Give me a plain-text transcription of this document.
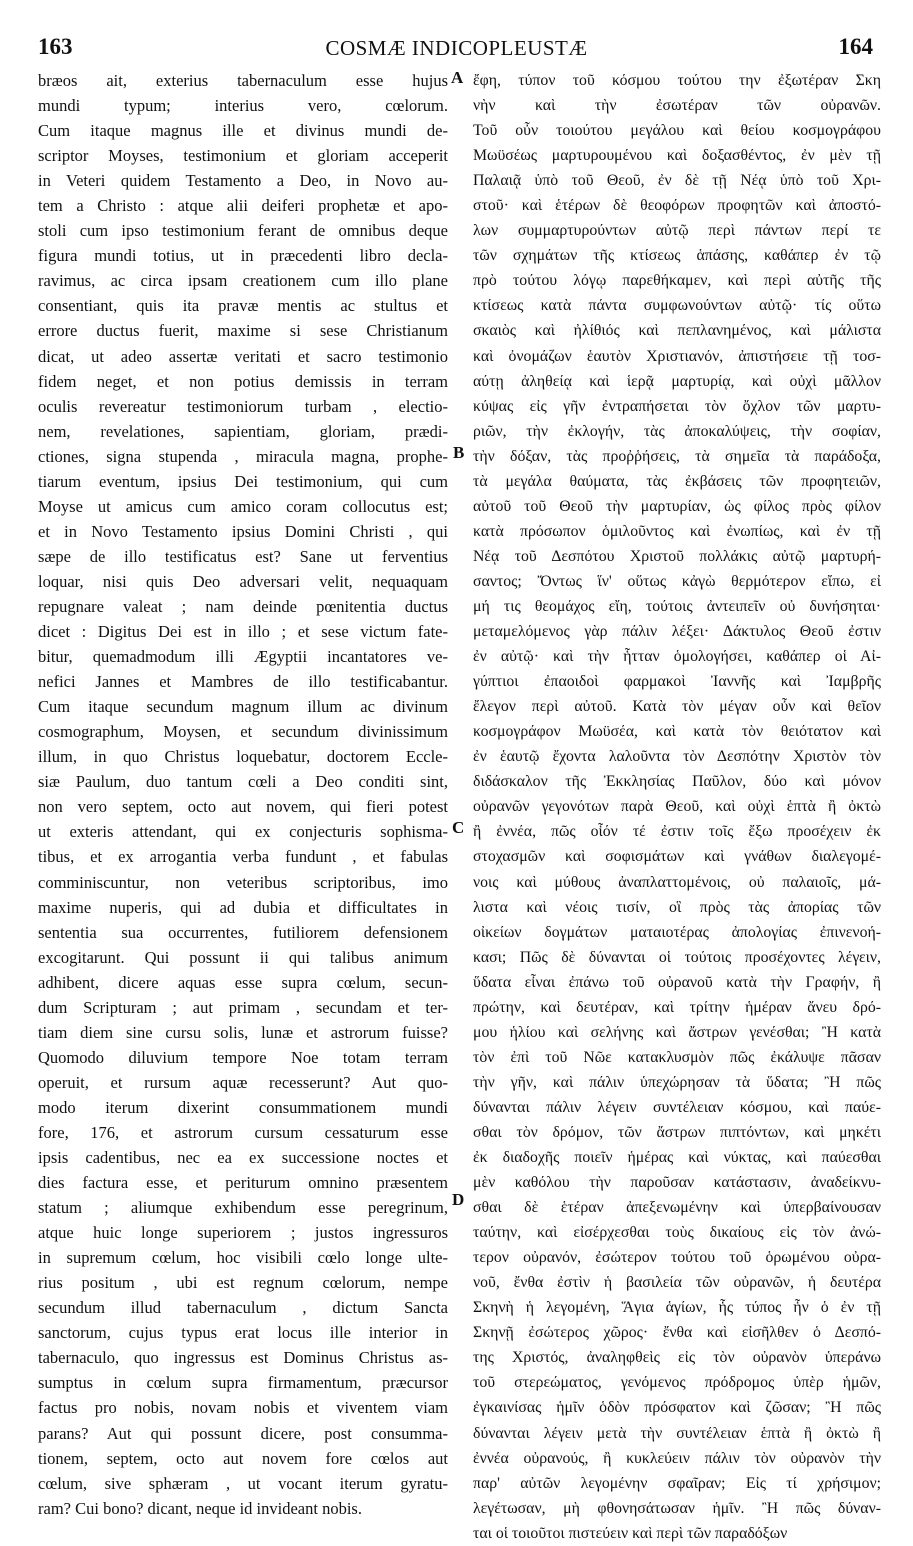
163	COSMÆ INDICOPLEUSTÆ	164
bræos ait, exterius tabernaculum esse hujus
mundi typum; interius vero, cœlorum.
Cum itaque magnus ille et divinus mundi de-
scriptor Moyses, testimonium et gloriam acceperit
in Veteri quidem Testamento a Deo, in Novo au-
tem a Christo : atque alii deiferi prophetæ et apo-
stoli cum ipso testimonium ferant de omnibus deque
figura mundi totius, ut in præcedenti libro decla-
ravimus, ac circa ipsam creationem cum illo plane
consentiant, quis ita pravæ mentis ac stultus et
errore ductus fuerit, maxime si sese Christianum
dicat, ut adeo assertæ veritati et sacro testimonio
fidem neget, et non potius demissis in terram
oculis revereatur testimoniorum turbam , electio-
nem, revelationes, sapientiam, gloriam, prædi-
ctiones, signa stupenda , miracula magna, prophe-
tiarum eventum, ipsius Dei testimonium, qui cum
Moyse ut amicus cum amico coram collocutus est;
et in Novo Testamento ipsius Domini Christi , qui
sæpe de illo testificatus est? Sane ut ferventius
loquar, nisi quis Deo adversari velit, nequaquam
repugnare valeat ; nam deinde pœnitentia ductus
dicet : Digitus Dei est in illo ; et sese victum fate-
bitur, quemadmodum illi Ægyptii incantatores ve-
nefici Jannes et Mambres de illo testificabantur.
Cum itaque secundum magnum illum ac divinum
cosmographum, Moysen, et secundum divinissimum
illum, in quo Christus loquebatur, doctorem Eccle-
siæ Paulum, duo tantum cœli a Deo conditi sint,
non vero septem, octo aut novem, qui fieri potest
ut exteris attendant, qui ex conjecturis sophisma-
tibus, et ex arrogantia verba fundunt , et fabulas
comminiscuntur, non veteribus scriptoribus, imo
maxime nuperis, qui ad dubia et difficultates in
sententia sua occurrentes, futiliorem defensionem
excogitarunt. Qui possunt ii qui talibus animum
adhibent, dicere aquas esse supra cœlum, secun-
dum Scripturam ; aut primam , secundam et ter-
tiam diem sine cursu solis, lunæ et astrorum fuisse?
Quomodo diluvium tempore Noe totam terram
operuit, et rursum aquæ recesserunt? Aut quo-
modo iterum dixerint consummationem mundi
fore, 176, et astrorum cursum cessaturum esse
ipsis cadentibus, nec ea ex successione noctes et
dies factura esse, et periturum omnino præsentem
statum ; aliumque exhibendum esse peregrinum,
atque huic longe superiorem ; justos ingressuros
in supremum cœlum, hoc visibili cœlo longe ulte-
rius positum , ubi est regnum cœlorum, nempe
secundum illud tabernaculum , dictum Sancta
sanctorum, cujus typus erat locus ille interior in
tabernaculo, quo ingressus est Dominus Christus as-
sumptus in cœlum supra firmamentum, præcursor
factus pro nobis, novam nobis et viventem viam
parans? Aut qui possunt dicere, post consumma-
tionem, septem, octo aut novem fore cœlos aut
cœlum, sive sphæram , ut vocant iterum gyratu-
ram? Cui bono? dicant, neque id invideant nobis.
ἔφη, τύπον τοῦ κόσμου τούτου την ἐξωτέραν Σκη
νὴν καὶ τὴν ἐσωτέραν τῶν οὐρανῶν.
Τοῦ οὖν τοιούτου μεγάλου καὶ θείου κοσμογράφου
Μωϋσέως μαρτυρουμένου καὶ δοξασθέντος, ἐν μὲν τῇ
Παλαιᾷ ὑπὸ τοῦ Θεοῦ, ἐν δὲ τῇ Νέᾳ ὑπὸ τοῦ Χρι-
στοῦ· καὶ ἑτέρων δὲ θεοφόρων προφητῶν καὶ ἀποστό-
λων συμμαρτυρούντων αὐτῷ περὶ πάντων περί τε
τῶν σχημάτων τῆς κτίσεως ἁπάσης, καθάπερ ἐν τῷ
πρὸ τούτου λόγῳ παρεθήκαμεν, καὶ περὶ αὐτῆς τῆς
κτίσεως κατὰ πάντα συμφωνούντων αὐτῷ· τίς οὕτω
σκαιὸς καὶ ἠλίθιός καὶ πεπλανημένος, καὶ μάλιστα
καὶ ὀνομάζων ἑαυτὸν Χριστιανόν, ἀπιστήσειε τῇ τοσ-
αύτῃ ἀληθείᾳ καὶ ἱερᾷ μαρτυρίᾳ, καὶ οὐχὶ μᾶλλον
κύψας εἰς γῆν ἐντραπήσεται τὸν ὄχλον τῶν μαρτυ-
ριῶν, τὴν ἐκλογήν, τὰς ἀποκαλύψεις, τὴν σοφίαν,
τὴν δόξαν, τὰς προῤῥήσεις, τὰ σημεῖα τὰ παράδοξα,
τὰ μεγάλα θαύματα, τὰς ἐκβάσεις τῶν προφητειῶν,
αὐτοῦ τοῦ Θεοῦ τὴν μαρτυρίαν, ὡς φίλος πρὸς φίλον
κατὰ πρόσωπον ὁμιλοῦντος καὶ ἐνωπίως, καὶ ἐν τῇ
Νέᾳ τοῦ Δεσπότου Χριστοῦ πολλάκις αὐτῷ μαρτυρή-
σαντος; Ὄντως ἵν' οὕτως κἀγὼ θερμότερον εἴπω, εἰ
μή τις θεομάχος εἴη, τούτοις ἀντειπεῖν οὐ δυνήσηται·
μεταμελόμενος γὰρ πάλιν λέξει· Δάκτυλος Θεοῦ ἐστιν
ἐν αὐτῷ· καὶ τὴν ἧτταν ὁμολογήσει, καθάπερ οἱ Αἰ-
γύπτιοι ἐπαοιδοὶ φαρμακοὶ Ἰαννῆς καὶ Ἰαμβρῆς
ἔλεγον περὶ αὐτοῦ. Κατὰ τὸν μέγαν οὖν καὶ θεῖον
κοσμογράφον Μωϋσέα, καὶ κατὰ τὸν θειότατον καὶ
ἐν ἑαυτῷ ἔχοντα λαλοῦντα τὸν Δεσπότην Χριστὸν τὸν
διδάσκαλον τῆς Ἐκκλησίας Παῦλον, δύο καὶ μόνον
οὐρανῶν γεγονότων παρὰ Θεοῦ, καὶ οὐχὶ ἑπτὰ ἢ ὀκτὼ
ἢ ἐννέα, πῶς οἷόν τέ ἐστιν τοῖς ἔξω προσέχειν ἐκ
στοχασμῶν καὶ σοφισμάτων καὶ γνάθων διαλεγομέ-
νοις καὶ μύθους ἀναπλαττομένοις, οὐ παλαιοῖς, μά-
λιστα καὶ νέοις τισίν, οἳ πρὸς τὰς ἀπορίας τῶν
οἰκείων δογμάτων ματαιοτέρας ἀπολογίας ἐπινενοή-
κασι; Πῶς δὲ δύνανται οἱ τούτοις προσέχοντες λέγειν,
ὕδατα εἶναι ἐπάνω τοῦ οὐρανοῦ κατὰ τὴν Γραφήν, ἢ
πρώτην, καὶ δευτέραν, καὶ τρίτην ἡμέραν ἄνευ δρό-
μου ἡλίου καὶ σελήνης καὶ ἄστρων γενέσθαι; Ἢ κατὰ
τὸν ἐπὶ τοῦ Νῶε κατακλυσμὸν πῶς ἐκάλυψε πᾶσαν
τὴν γῆν, καὶ πάλιν ὑπεχώρησαν τὰ ὕδατα; Ἢ πῶς
δύνανται πάλιν λέγειν συντέλειαν κόσμου, καὶ παύε-
σθαι τὸν δρόμον, τῶν ἄστρων πιπτόντων, καὶ μηκέτι
ἐκ διαδοχῆς ποιεῖν ἡμέρας καὶ νύκτας, καὶ παύεσθαι
μὲν καθόλου τὴν παροῦσαν κατάστασιν, ἀναδείκνυ-
σθαι δὲ ἑτέραν ἀπεξενωμένην καὶ ὑπερβαίνουσαν
ταύτην, καὶ εἰσέρχεσθαι τοὺς δικαίους εἰς τὸν ἀνώ-
τερον οὐρανόν, ἐσώτερον τούτου τοῦ ὁρωμένου οὐρα-
νοῦ, ἔνθα ἐστὶν ἡ βασιλεία τῶν οὐρανῶν, ἡ δευτέρα
Σκηνὴ ἡ λεγομένη, Ἅγια ἁγίων, ἧς τύπος ἦν ὁ ἐν τῇ
Σκηνῇ ἐσώτερος χῶρος· ἔνθα καὶ εἰσῆλθεν ὁ Δεσπό-
της Χριστός, ἀναληφθεὶς εἰς τὸν οὐρανὸν ὑπεράνω
τοῦ στερεώματος, γενόμενος πρόδρομος ὑπὲρ ἡμῶν,
ἐγκαινίσας ἡμῖν ὁδὸν πρόσφατον καὶ ζῶσαν; Ἢ πῶς
δύνανται λέγειν μετὰ τὴν συντέλειαν ἑπτὰ ἢ ὀκτὼ ἢ
ἐννέα οὐρανούς, ἢ κυκλεύειν πάλιν τὸν οὐρανὸν τὴν
παρ' αὐτῶν λεγομένην σφαῖραν; Εἰς τί χρήσιμον;
λεγέτωσαν, μὴ φθονησάτωσαν ἡμῖν. Ἢ πῶς δύναν-
ται οἱ τοιοῦτοι πιστεύειν καὶ περὶ τῶν παραδόξων
A
B
C
D
